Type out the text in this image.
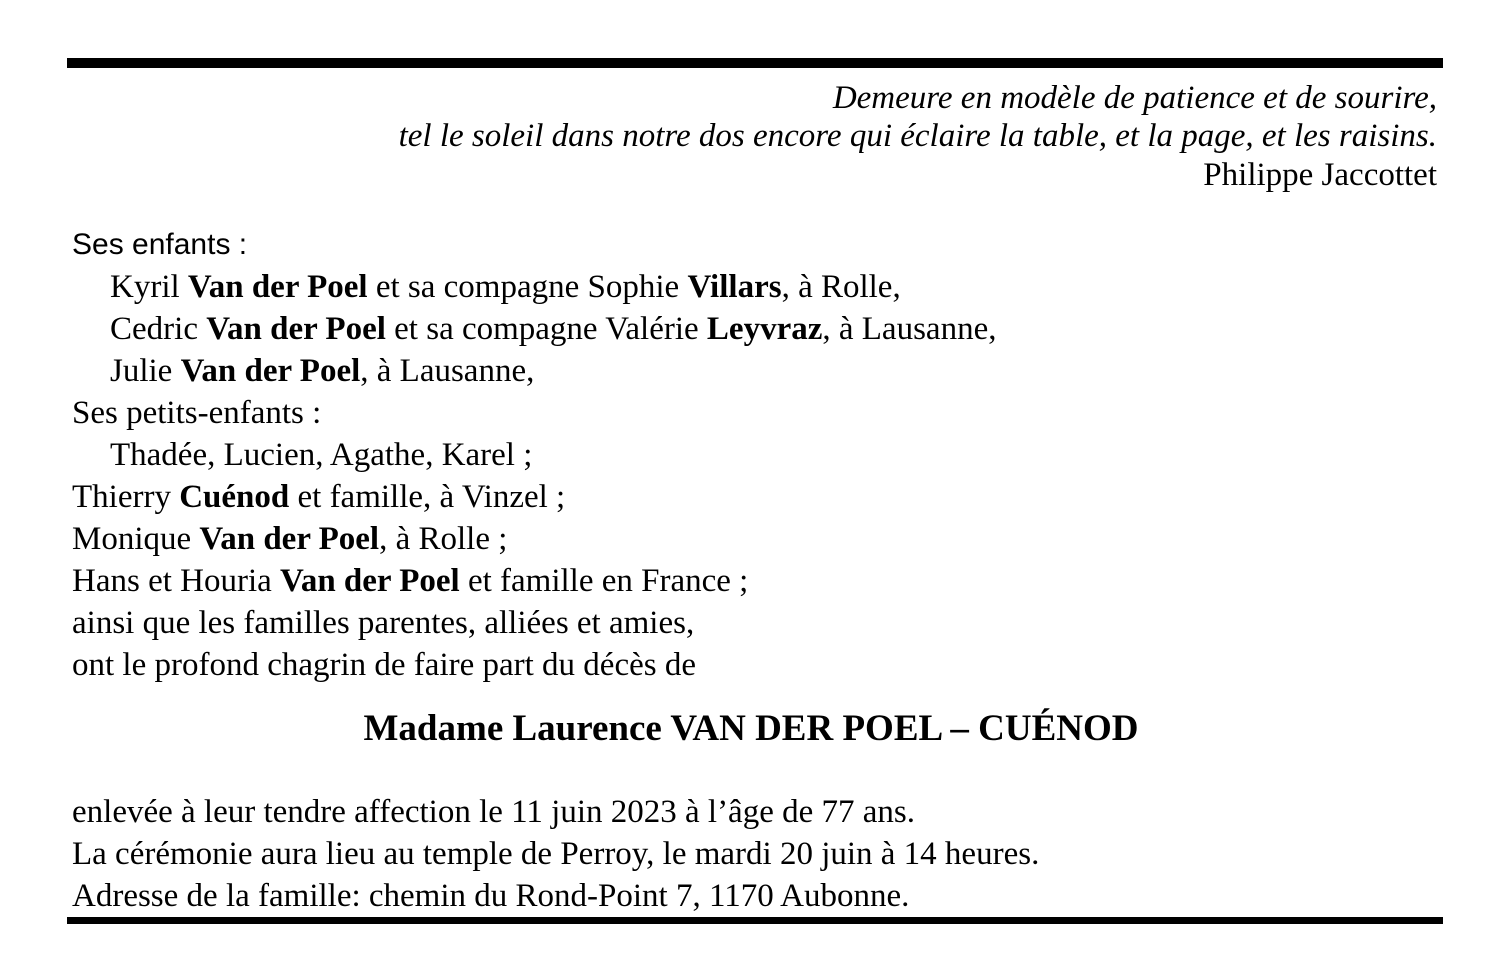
Demeure en modèle de patience et de sourire,
tel le soleil dans notre dos encore qui éclaire la table, et la page, et les raisins.
Philippe Jaccottet
Ses enfants :
Kyril Van der Poel et sa compagne Sophie Villars, à Rolle,
Cedric Van der Poel et sa compagne Valérie Leyvraz, à Lausanne,
Julie Van der Poel, à Lausanne,
Ses petits-enfants :
Thadée, Lucien, Agathe, Karel ;
Thierry Cuénod et famille, à Vinzel ;
Monique Van der Poel, à Rolle ;
Hans et Houria Van der Poel et famille en France ;
ainsi que les familles parentes, alliées et amies,
ont le profond chagrin de faire part du décès de
Madame Laurence VAN DER POEL – CUÉNOD
enlevée à leur tendre affection le 11 juin 2023 à l’âge de 77 ans.
La cérémonie aura lieu au temple de Perroy, le mardi 20 juin à 14 heures.
Adresse de la famille: chemin du Rond-Point 7, 1170 Aubonne.
